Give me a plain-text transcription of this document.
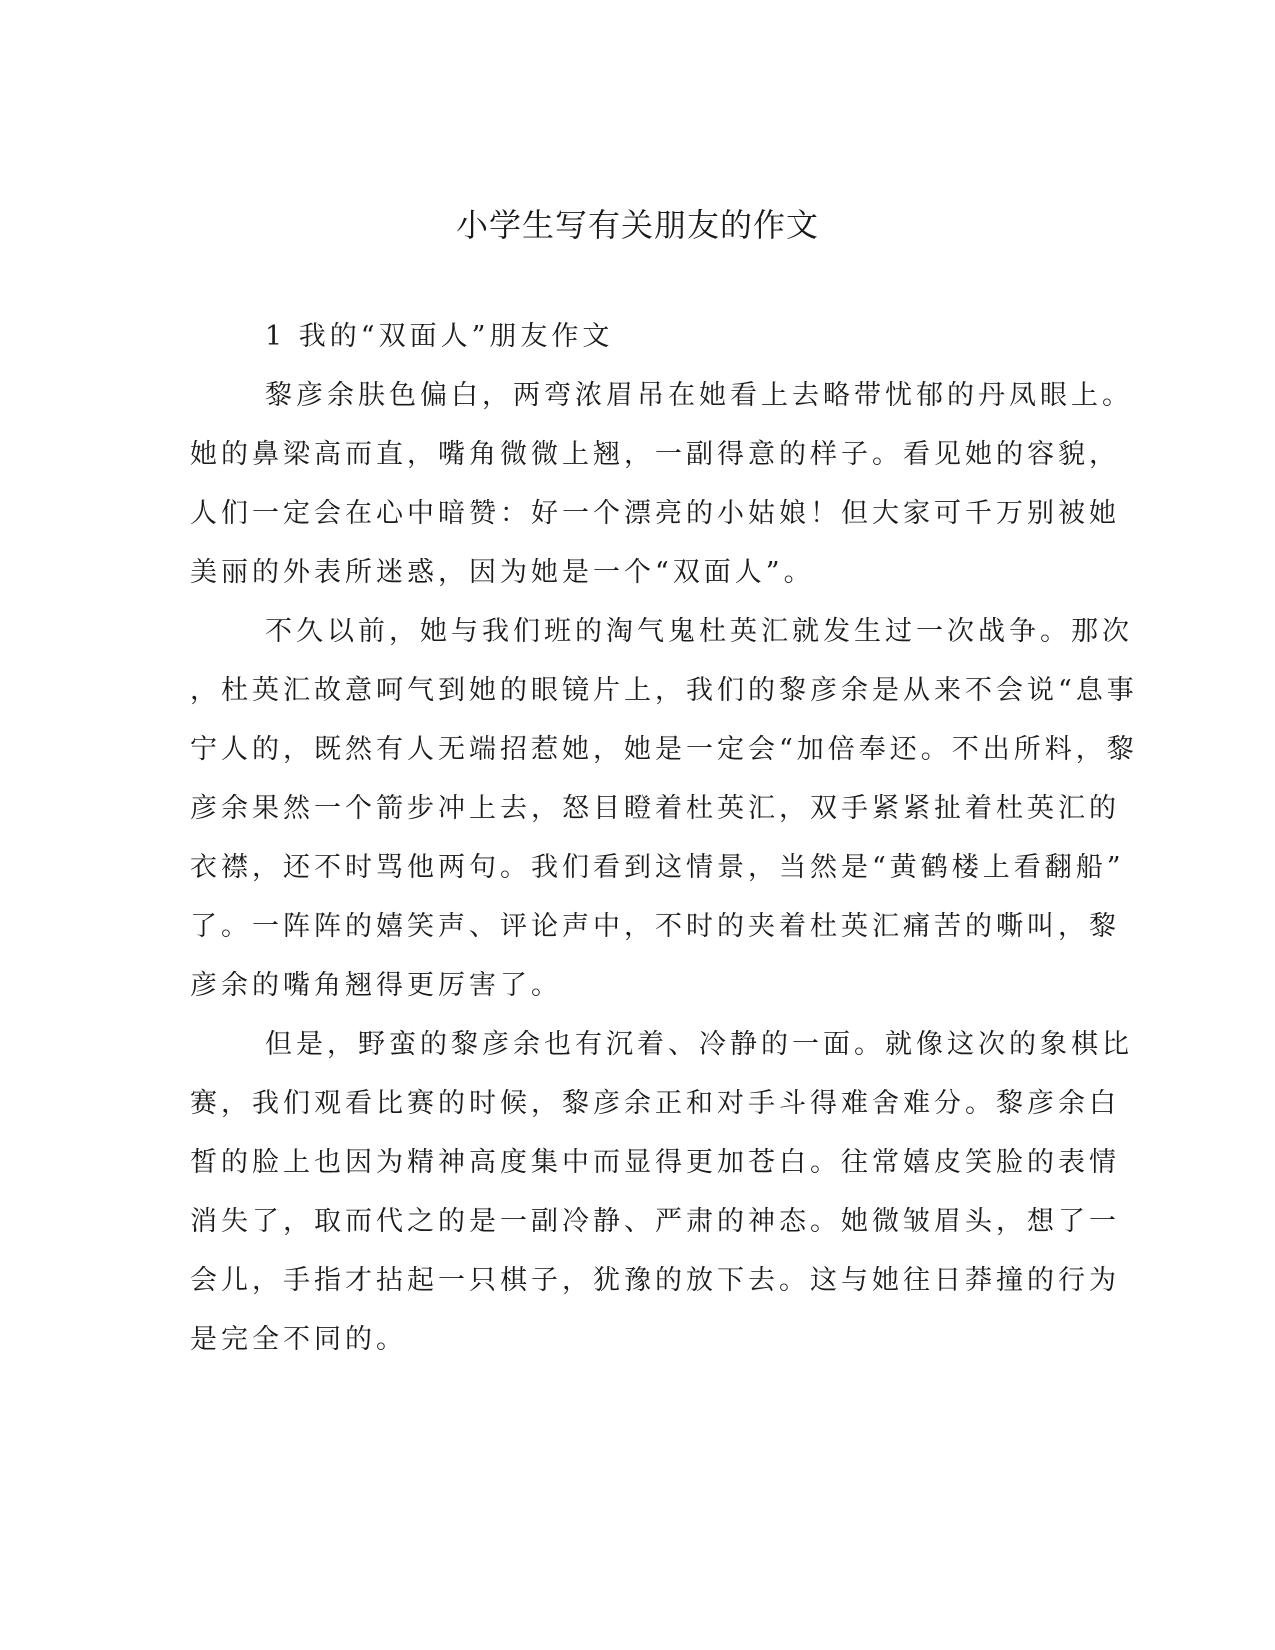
小学生写有关朋友的作文
1 我的“双面人”朋友作文
黎彦余肤色偏白，两弯浓眉吊在她看上去略带忧郁的丹凤眼上。
她的鼻梁高而直，嘴角微微上翘，一副得意的样子。看见她的容貌，
人们一定会在心中暗赞：好一个漂亮的小姑娘！但大家可千万别被她
美丽的外表所迷惑，因为她是一个“双面人”。
不久以前，她与我们班的淘气鬼杜英汇就发生过一次战争。那次
，杜英汇故意呵气到她的眼镜片上，我们的黎彦余是从来不会说“息事
宁人的，既然有人无端招惹她，她是一定会“加倍奉还。不出所料，黎
彦余果然一个箭步冲上去，怒目瞪着杜英汇，双手紧紧扯着杜英汇的
衣襟，还不时骂他两句。我们看到这情景，当然是“黄鹤楼上看翻船”
了。一阵阵的嬉笑声、评论声中，不时的夹着杜英汇痛苦的嘶叫，黎
彦余的嘴角翘得更厉害了。
但是，野蛮的黎彦余也有沉着、冷静的一面。就像这次的象棋比
赛，我们观看比赛的时候，黎彦余正和对手斗得难舍难分。黎彦余白
皙的脸上也因为精神高度集中而显得更加苍白。往常嬉皮笑脸的表情
消失了，取而代之的是一副冷静、严肃的神态。她微皱眉头，想了一
会儿，手指才拈起一只棋子，犹豫的放下去。这与她往日莽撞的行为
是完全不同的。
